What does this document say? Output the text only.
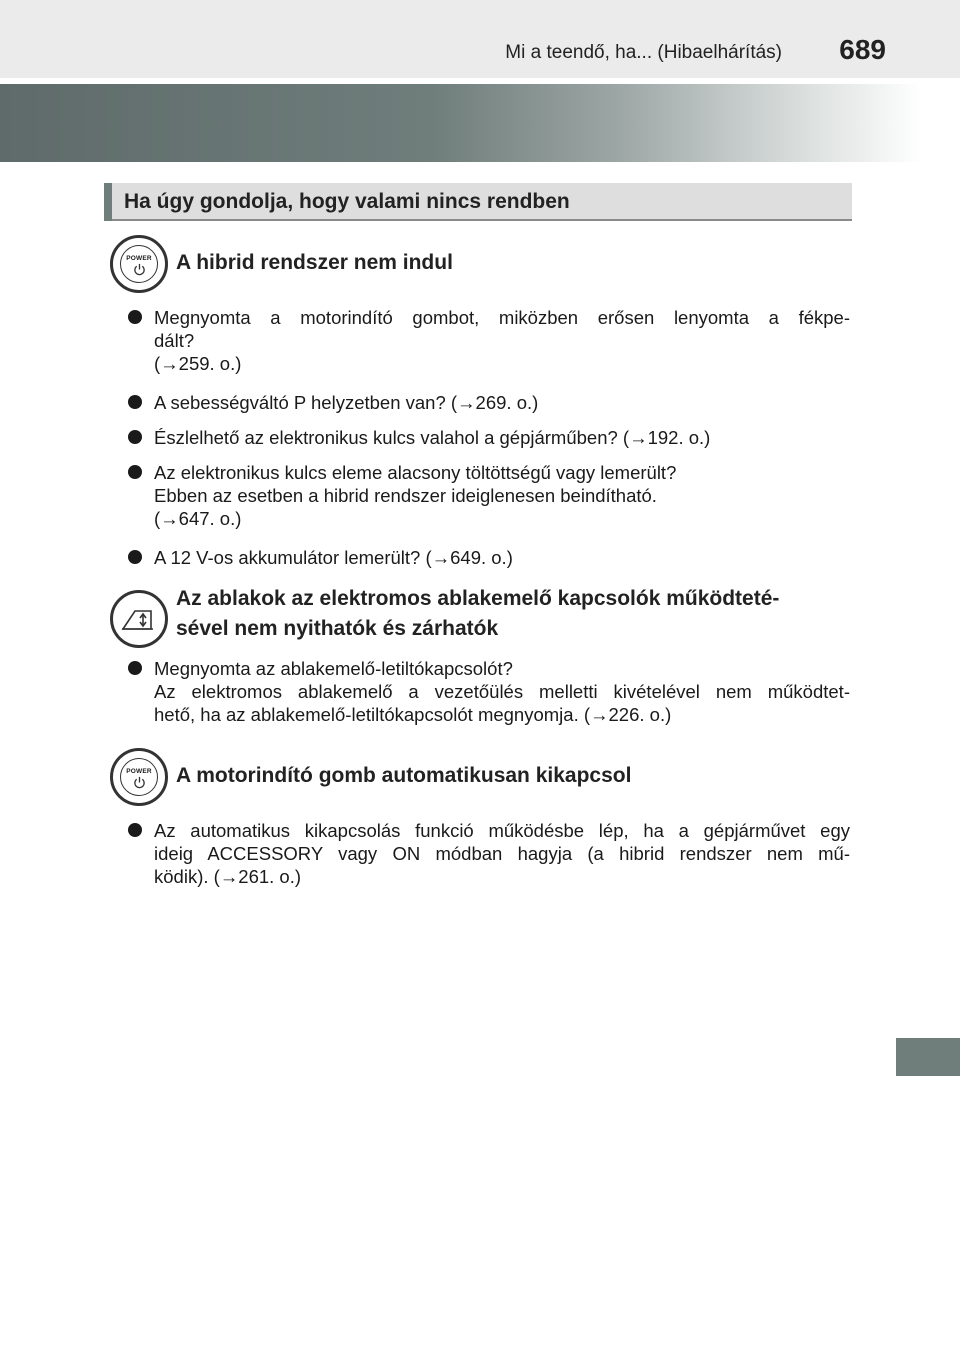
Mi a teendő, ha... (Hibaelhárítás) 689
Ha úgy gondolja, hogy valami nincs rendben
POWER A hibrid rendszer nem indul
Megnyomta a motorindító gombot, miközben erősen lenyomta a fékpe-
dált?
(→259. o.)
A sebességváltó P helyzetben van? (→269. o.)
Észlelhető az elektronikus kulcs valahol a gépjárműben? (→192. o.)
Az elektronikus kulcs eleme alacsony töltöttségű vagy lemerült?
Ebben az esetben a hibrid rendszer ideiglenesen beindítható.
(→647. o.)
A 12 V-os akkumulátor lemerült? (→649. o.)
Az ablakok az elektromos ablakemelő kapcsolók működteté-
sével nem nyithatók és zárhatók
Megnyomta az ablakemelő-letiltókapcsolót?
Az elektromos ablakemelő a vezetőülés melletti kivételével nem működtet-
hető, ha az ablakemelő-letiltókapcsolót megnyomja. (→226. o.)
POWER A motorindító gomb automatikusan kikapcsol
Az automatikus kikapcsolás funkció működésbe lép, ha a gépjárművet egy
ideig ACCESSORY vagy ON módban hagyja (a hibrid rendszer nem mű-
ködik). (→261. o.)
